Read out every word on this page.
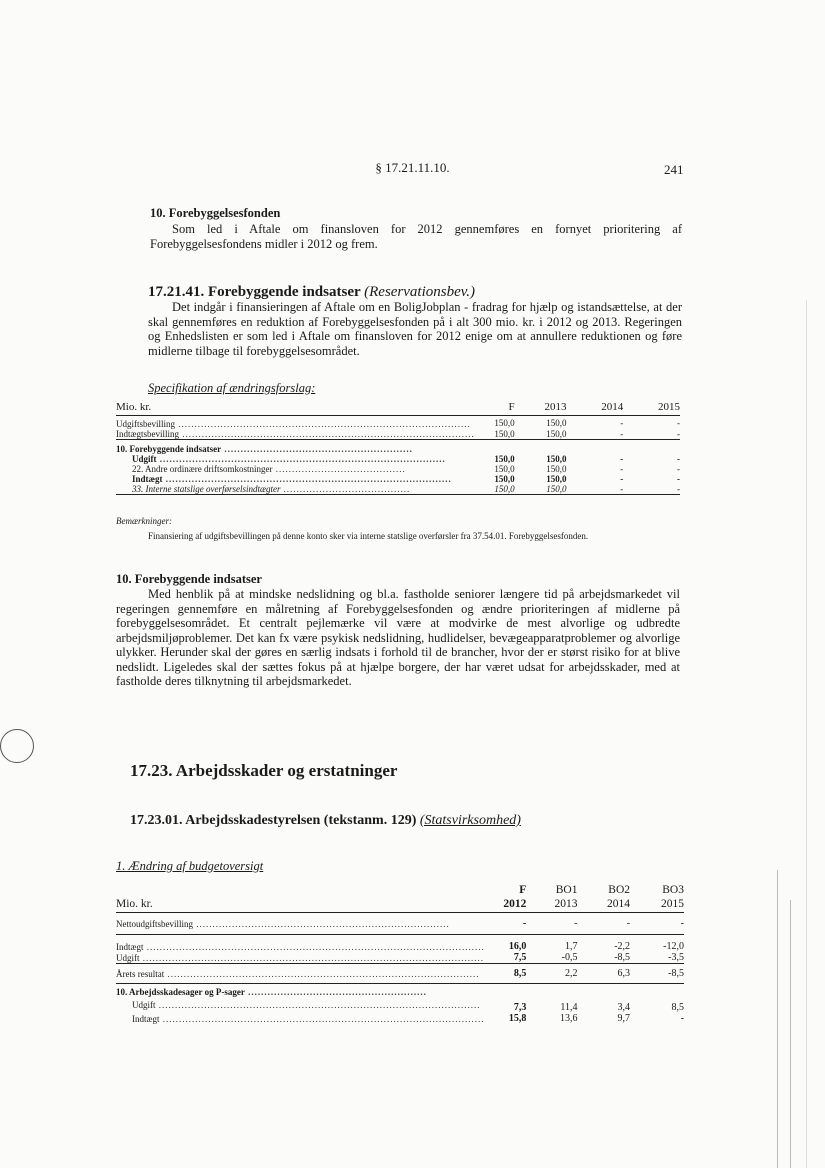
§ 17.21.11.10.	241
10. Forebyggelsesfonden
Som led i Aftale om finansloven for 2012 gennemføres en fornyet prioritering af Forebyggelsesfondens midler i 2012 og frem.
17.21.41. Forebyggende indsatser (Reservationsbev.)
Det indgår i finansieringen af Aftale om en BoligJobplan - fradrag for hjælp og istandsættelse, at der skal gennemføres en reduktion af Forebyggelsesfonden på i alt 300 mio. kr. i 2012 og 2013. Regeringen og Enhedslisten er som led i Aftale om finansloven for 2012 enige om at annullere reduktionen og føre midlerne tilbage til forebyggelsesområdet.
Specifikation af ændringsforslag:
Mio. kr.	F	2013	2014	2015
Udgiftsbevilling ..........................................................................................	150,0	150,0	-	-
Indtægtsbevilling ..........................................................................................	150,0	150,0	-	-
10. Forebyggende indsatser ..........................................................				
Udgift ........................................................................................	150,0	150,0	-	-
22. Andre ordinære driftsomkostninger ........................................	150,0	150,0	-	-
Indtægt ........................................................................................	150,0	150,0	-	-
33. Interne statslige overførselsindtægter .......................................	150,0	150,0	-	-
Bemærkninger:
Finansiering af udgiftsbevillingen på denne konto sker via interne statslige overførsler fra 37.54.01. Forebyggelsesfonden.
10. Forebyggende indsatser
Med henblik på at mindske nedslidning og bl.a. fastholde seniorer længere tid på arbejdsmarkedet vil regeringen gennemføre en målretning af Forebyggelsesfonden og ændre prioriteringen af midlerne på forebyggelsesområdet. Et centralt pejlemærke vil være at modvirke de mest alvorlige og udbredte arbejdsmiljøproblemer. Det kan fx være psykisk nedslidning, hudlidelser, bevægeapparatproblemer og alvorlige ulykker. Herunder skal der gøres en særlig indsats i forhold til de brancher, hvor der er størst risiko for at blive nedslidt. Ligeledes skal der sættes fokus på at hjælpe borgere, der har været udsat for arbejdsskader, med at fastholde deres tilknytning til arbejdsmarkedet.
17.23. Arbejdsskader og erstatninger
17.23.01. Arbejdsskadestyrelsen (tekstanm. 129) (Statsvirksomhed)
1. Ændring af budgetoversigt
	F	BO1	BO2	BO3
Mio. kr.	2012	2013	2014	2015
Nettoudgiftsbevilling ..............................................................................	-	-	-	-
Indtægt ........................................................................................................	16,0	1,7	-2,2	-12,0
Udgift .........................................................................................................	7,5	-0,5	-8,5	-3,5
Årets resultat ................................................................................................	8,5	2,2	6,3	-8,5
10. Arbejdsskadesager og P-sager .......................................................				
Udgift ...................................................................................................	7,3	11,4	3,4	8,5
Indtægt ...................................................................................................	15,8	13,6	9,7	-
